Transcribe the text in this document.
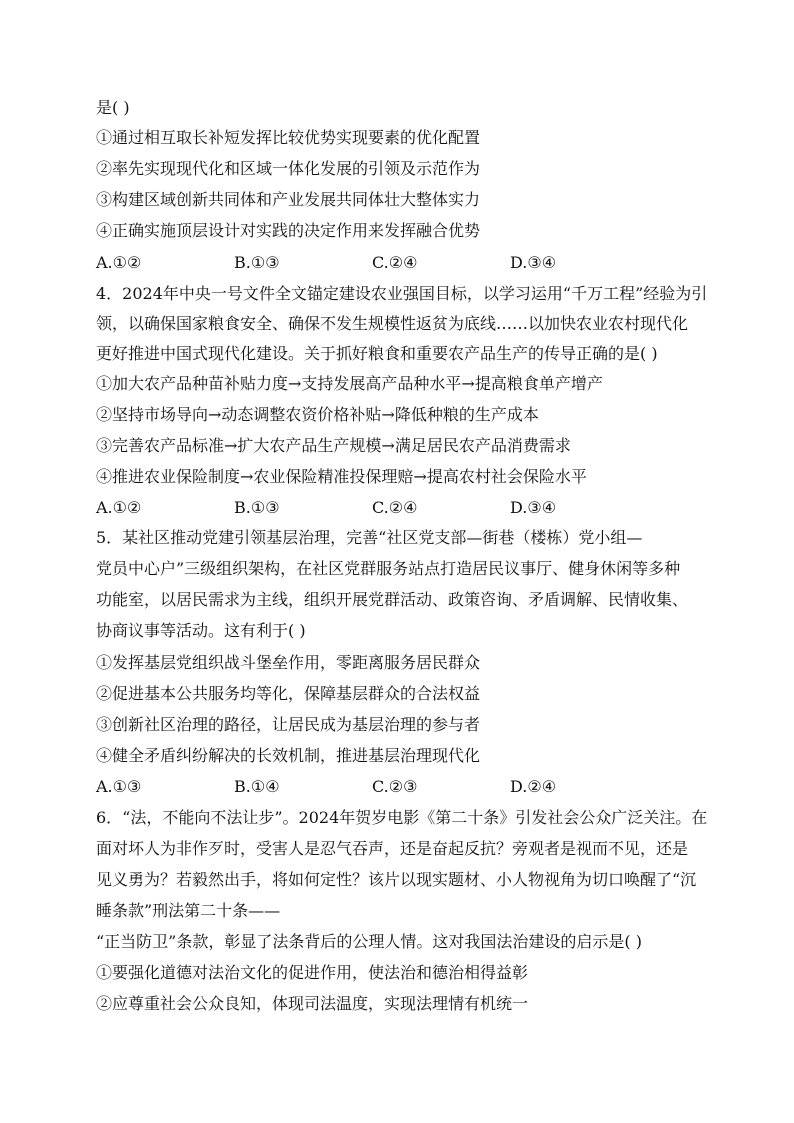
是( )
①通过相互取长补短发挥比较优势实现要素的优化配置
②率先实现现代化和区域一体化发展的引领及示范作为
③构建区域创新共同体和产业发展共同体壮大整体实力
④正确实施顶层设计对实践的决定作用来发挥融合优势
A.①②	B.①③	C.②④	D.③④
4．2024年中央一号文件全文锚定建设农业强国目标，以学习运用“千万工程”经验为引
领，以确保国家粮食安全、确保不发生规模性返贫为底线……以加快农业农村现代化
更好推进中国式现代化建设。关于抓好粮食和重要农产品生产的传导正确的是( )
①加大农产品种苗补贴力度→支持发展高产品种水平→提高粮食单产增产
②坚持市场导向→动态调整农资价格补贴→降低种粮的生产成本
③完善农产品标准→扩大农产品生产规模→满足居民农产品消费需求
④推进农业保险制度→农业保险精准投保理赔→提高农村社会保险水平
A.①②	B.①③	C.②④	D.③④
5．某社区推动党建引领基层治理，完善“社区党支部—街巷（楼栋）党小组—
党员中心户”三级组织架构，在社区党群服务站点打造居民议事厅、健身休闲等多种
功能室，以居民需求为主线，组织开展党群活动、政策咨询、矛盾调解、民情收集、
协商议事等活动。这有利于( )
①发挥基层党组织战斗堡垒作用，零距离服务居民群众
②促进基本公共服务均等化，保障基层群众的合法权益
③创新社区治理的路径，让居民成为基层治理的参与者
④健全矛盾纠纷解决的长效机制，推进基层治理现代化
A.①③	B.①④	C.②③	D.②④
6．“法，不能向不法让步”。2024年贺岁电影《第二十条》引发社会公众广泛关注。在
面对坏人为非作歹时，受害人是忍气吞声，还是奋起反抗？旁观者是视而不见，还是
见义勇为？若毅然出手，将如何定性？该片以现实题材、小人物视角为切口唤醒了“沉
睡条款”刑法第二十条——
“正当防卫”条款，彰显了法条背后的公理人情。这对我国法治建设的启示是( )
①要强化道德对法治文化的促进作用，使法治和德治相得益彰
②应尊重社会公众良知，体现司法温度，实现法理情有机统一
